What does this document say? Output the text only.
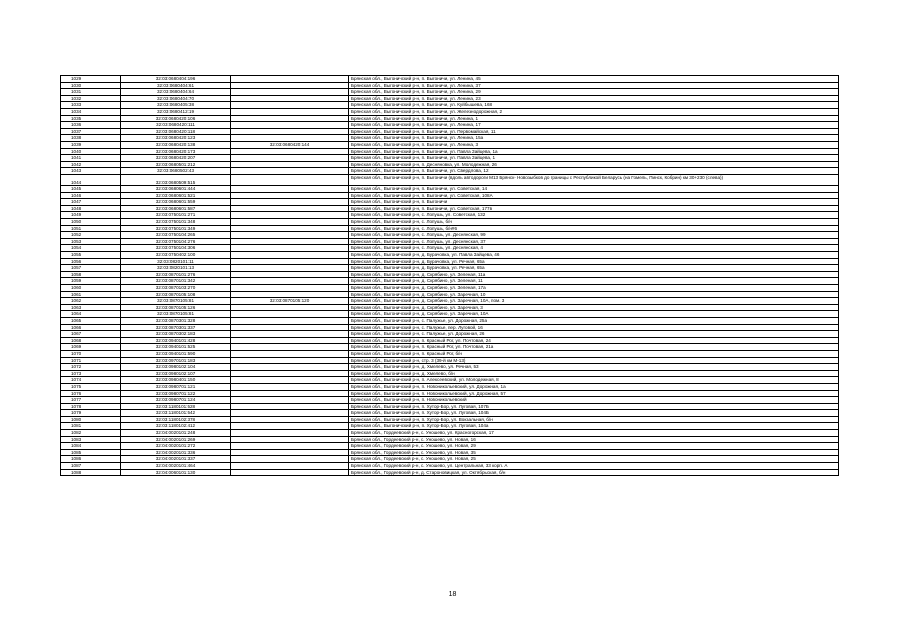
1029	32:03:0680404:196		Брянская обл., Выгоничский р-н, п. Выгоничи, ул. Ленина, 45
1030	32:03:0680404:61		Брянская обл., Выгоничский р-н, п. Выгоничи, ул. Ленина, 37
1031	32:03:0680404:64		Брянская обл., Выгоничский р-н, п. Выгоничи, ул. Ленина, 29
1032	32:03:0680404:70		Брянская обл., Выгоничский р-н, п. Выгоничи, ул. Ленина, 23
1033	32:03:0680405:38		Брянская обл., Выгоничский р-н, п. Выгоничи, ул. Куйбышева, 168
1034	32:03:0680412:19		Брянская обл., Выгоничский р-н, п. Выгоничи, ул. Железнодорожная, 2
1035	32:03:0680420:106		Брянская обл., Выгоничский р-н, п. Выгоничи, ул. Ленина, 1
1036	32:03:0680420:111		Брянская обл., Выгоничский р-н, п. Выгоничи, ул. Ленина, 17
1037	32:03:0680420:118		Брянская обл., Выгоничский р-н, п. Выгоничи, ул. Первомайская, 11
1038	32:03:0680420:123		Брянская обл., Выгоничский р-н, п. Выгоничи, ул. Ленина, 15а
1039	32:03:0680420:138	32:03:0680420:144	Брянская обл., Выгоничский р-н, п. Выгоничи, ул. Ленина, 3
1040	32:03:0680420:173		Брянская обл., Выгоничский р-н, п. Выгоничи, ул. Павла Зайцева, 1а
1041	32:03:0680420:207		Брянская обл., Выгоничский р-н, п. Выгоничи, ул. Павла Зайцева, 1
1042	32:03:0680501:212		Брянская обл., Выгоничский р-н, п. Десняновка, ул. Молодежная, 26
1043	32:03:0680502:43		Брянская обл., Выгоничский р-н, п. Выгоничи, ул. Свердлова, 12
1044	32:03:0680509:515		Брянская обл., Выгоничский р-н, п. Выгоничи (вдоль автодороги М13 Брянск- Новозыбков до границы с Республикой Беларусь (на Гомель, Пинск, Кобрин) км 30+230 (слева))
1045	32:03:0680601:444		Брянская обл., Выгоничский р-н, п. Выгоничи, ул. Советская, 14
1046	32:03:0680601:521		Брянская обл., Выгоничский р-н, п. Выгоничи, ул. Советская, 108А
1047	32:03:0680601:559		Брянская обл., Выгоничский р-н, п. Выгоничи
1048	32:03:0680601:587		Брянская обл., Выгоничский р-н, п. Выгоничи, ул. Советская, 177в
1049	32:03:0750101:271		Брянская обл., Выгоничский р-н, с. Лопушь, ул. Советская, 132
1050	32:03:0750101:348		Брянская обл., Выгоничский р-н, с. Лопушь, б/н
1051	32:03:0750101:349		Брянская обл., Выгоничский р-н, с. Лопушь, б/н#6
1052	32:03:0750104:265		Брянская обл., Выгоничский р-н, с. Лопушь, ул. Деснянская, 99
1053	32:03:0750104:276		Брянская обл., Выгоничский р-н, с. Лопушь, ул. Деснянская, 37
1054	32:03:0750104:306		Брянская обл., Выгоничский р-н, с. Лопушь, ул. Деснянская, 4
1055	32:03:0750402:100		Брянская обл., Выгоничский р-н, д. Бурачовка, ул. Павла Зайцева, 46
1056	32:03:0820101:11		Брянская обл., Выгоничский р-н, д. Бурачовка, ул. Речная, 65а
1057	32:03:0820101:13		Брянская обл., Выгоничский р-н, д. Бурачовка, ул. Речная, 65а
1058	32:03:0870101:276		Брянская обл., Выгоничский р-н, д. Скрябино, ул. Зеленая, 11а
1059	32:03:0870101:342		Брянская обл., Выгоничский р-н, д. Скрябино, ул. Зеленая, 11
1060	32:03:0870103:270		Брянская обл., Выгоничский р-н, д. Скрябино, ул. Зеленая, 17а
1061	32:03:0870105:108		Брянская обл., Выгоничский р-н, д. Скрябино, ул. Заречная, 10
1062	32:03:0870105:81	32:03:0870105:120	Брянская обл., Выгоничский р-н, д. Скрябино, ул. Заречная, 10А, пом. 3
1063	32:03:0870105:126		Брянская обл., Выгоничский р-н, д. Скрябино, ул. Заречная, 3
1064	32:03:0870105:81		Брянская обл., Выгоничский р-н, д. Скрябино, ул. Заречная, 10А
1065	32:03:0870301:328		Брянская обл., Выгоничский р-н, с. Палужье, ул. Дорожная, 25а
1066	32:03:0870301:337		Брянская обл., Выгоничский р-н, с. Палужье, пер. Луговой, 16
1067	32:03:0870302:183		Брянская обл., Выгоничский р-н, с. Палужье, ул. Дорожная, 26
1068	32:03:0940101:428		Брянская обл., Выгоничский р-н, п. Красный Рог, ул. Почтовая, 24
1069	32:03:0940101:525		Брянская обл., Выгоничский р-н, п. Красный Рог, ул. Почтовая, 21а
1070	32:03:0940101:590		Брянская обл., Выгоничский р-н, п. Красный Рог, б/н
1071	32:03:0970101:183		Брянская обл., Выгоничский р-н, стр. 3 (39-й км М-13)
1072	32:03:0980102:104		Брянская обл., Выгоничский р-н, д. Хмелево, ул. Речная, 53
1073	32:03:0980102:107		Брянская обл., Выгоничский р-н, д. Хмелево, б/н
1074	32:03:0980401:150		Брянская обл., Выгоничский р-н, п. Алексеевский, ул. Молодежная, 8
1075	32:03:0980701:121		Брянская обл., Выгоничский р-н, п. Новоникольевский, ул. Дорожная, 1а
1076	32:03:0980701:122		Брянская обл., Выгоничский р-н, п. Новоникольевский, ул. Дорожная, 57
1077	32:03:0980701:124		Брянская обл., Выгоничский р-н, п. Новоникольевский
1078	32:03:1180101:528		Брянская обл., Выгоничский р-н, п. Хутор-Бор, ул. Луговая, 107Б
1079	32:03:1180101:542		Брянская обл., Выгоничский р-н, п. Хутор-Бор, ул. Луговая, 104Б
1080	32:03:1180102:378		Брянская обл., Выгоничский р-н, п. Хутор-Бор, ул. Вокзальная, б/н
1081	32:03:1180102:412		Брянская обл., Выгоничский р-н, п. Хутор-Бор, ул. Луговая, 104а
1082	32:04:0020101:248		Брянская обл., Гордеевский р-н, с. Уношево, ул. Красногорская, 17
1083	32:04:0020101:269		Брянская обл., Гордеевский р-н, с. Уношево, ул. Новая, 16
1084	32:04:0020101:272		Брянская обл., Гордеевский р-н, с. Уношево, ул. Новая, 29
1085	32:04:0020101:336		Брянская обл., Гордеевский р-н, с. Уношево, ул. Новая, 35
1086	32:04:0020101:337		Брянская обл., Гордеевский р-н, с. Уношево, ул. Новая, 25
1087	32:04:0020101:464		Брянская обл., Гордеевский р-н, с. Уношево, ул. Центральная, 33 корп. А
1088	32:04:0060101:130		Брянская обл., Гордеевский р-н, д. Староновицкая, ул. Октябрьская, б/н
18
